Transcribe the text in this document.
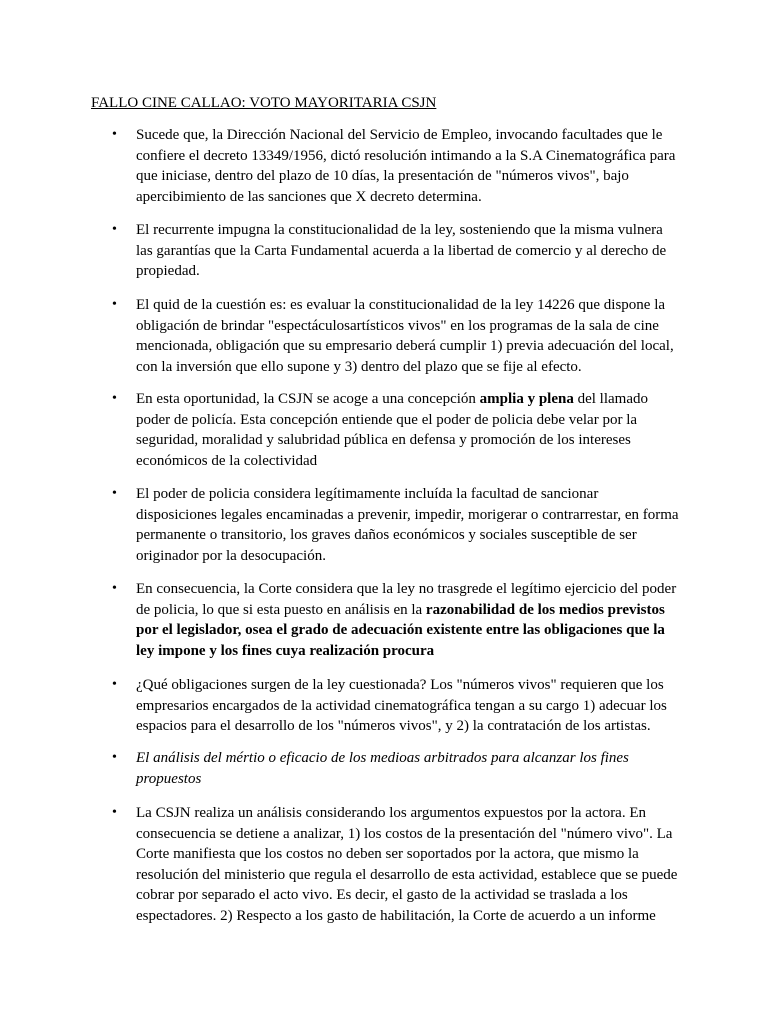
FALLO CINE CALLAO: VOTO MAYORITARIA CSJN
• Sucede que, la Dirección Nacional del Servicio de Empleo, invocando facultades que le confiere el decreto 13349/1956, dictó resolución intimando a la S.A Cinematográfica para que iniciase, dentro del plazo de 10 días, la presentación de "números vivos", bajo apercibimiento de las sanciones que X decreto determina.
• El recurrente impugna la constitucionalidad de la ley, sosteniendo que la misma vulnera las garantías que la Carta Fundamental acuerda a la libertad de comercio y al derecho de propiedad.
• El quid de la cuestión es: es evaluar la constitucionalidad de la ley 14226 que dispone la obligación de brindar "espectáculosartísticos vivos" en los programas de la sala de cine mencionada, obligación que su empresario deberá cumplir 1) previa adecuación del local, con la inversión que ello supone y 3) dentro del plazo que se fije al efecto.
• En esta oportunidad, la CSJN se acoge a una concepción amplia y plena del llamado poder de policía. Esta concepción entiende que el poder de policia debe velar por la seguridad, moralidad y salubridad pública en defensa y promoción de los intereses económicos de la colectividad
• El poder de policia considera legítimamente incluída la facultad de sancionar disposiciones legales encaminadas a prevenir, impedir, morigerar o contrarrestar, en forma permanente o transitorio, los graves daños económicos y sociales susceptible de ser originador por la desocupación.
• En consecuencia, la Corte considera que la ley no trasgrede el legítimo ejercicio del poder de policia, lo que si esta puesto en análisis en la razonabilidad de los medios previstos por el legislador, osea el grado de adecuación existente entre las obligaciones que la ley impone y los fines cuya realización procura
• ¿Qué obligaciones surgen de la ley cuestionada? Los "números vivos" requieren que los empresarios encargados de la actividad cinematográfica tengan a su cargo 1) adecuar los espacios para el desarrollo de los "números vivos", y 2) la contratación de los artistas.
• El análisis del mértio o eficacio de los medioas arbitrados para alcanzar los fines propuestos
• La CSJN realiza un análisis considerando los argumentos expuestos por la actora. En consecuencia se detiene a analizar, 1) los costos de la presentación del "número vivo". La Corte manifiesta que los costos no deben ser soportados por la actora, que mismo la resolución del ministerio que regula el desarrollo de esta actividad, establece que se puede cobrar por separado el acto vivo. Es decir, el gasto de la actividad se traslada a los espectadores. 2) Respecto a los gasto de habilitación, la Corte de acuerdo a un informe
